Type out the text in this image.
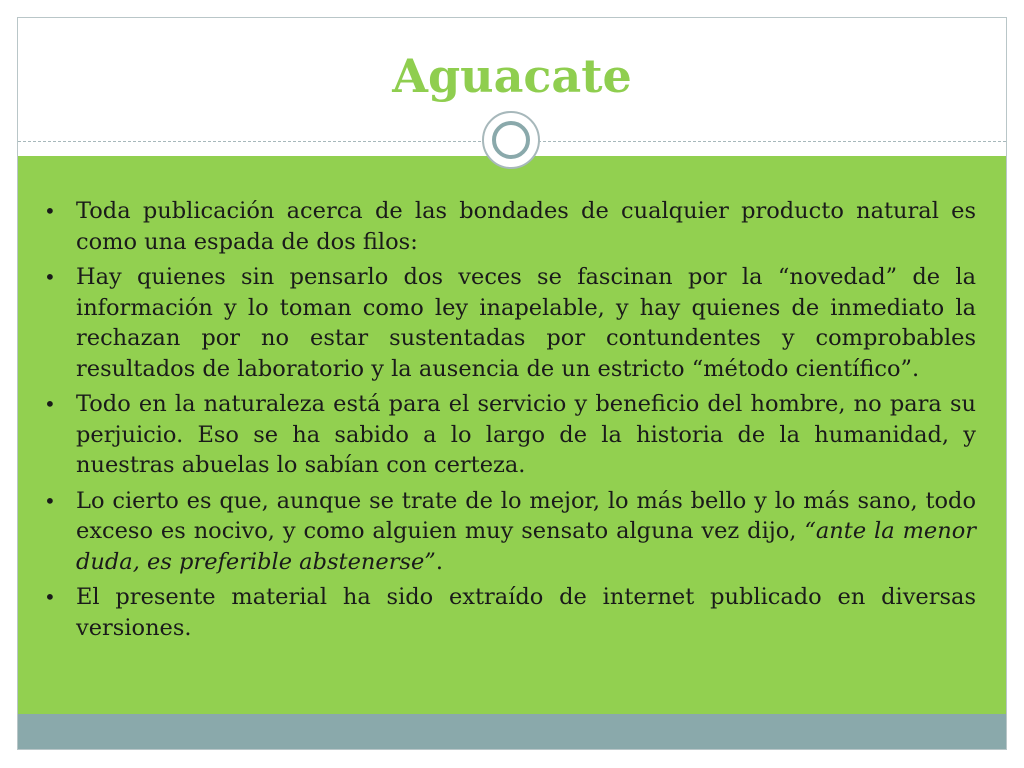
Aguacate
• Toda publicación acerca de las bondades de cualquier producto natural es como una espada de dos filos:
• Hay quienes sin pensarlo dos veces se fascinan por la “novedad” de la información y lo toman como ley inapelable, y hay quienes de inmediato la rechazan por no estar sustentadas por contundentes y comprobables resultados de laboratorio y la ausencia de un estricto “método científico”.
• Todo en la naturaleza está para el servicio y beneficio del hombre, no para su perjuicio. Eso se ha sabido a lo largo de la historia de la humanidad, y nuestras abuelas lo sabían con certeza.
• Lo cierto es que, aunque se trate de lo mejor, lo más bello y lo más sano, todo exceso es nocivo, y como alguien muy sensato alguna vez dijo, “ante la menor duda, es preferible abstenerse”.
• El presente material ha sido extraído de internet publicado en diversas versiones.
